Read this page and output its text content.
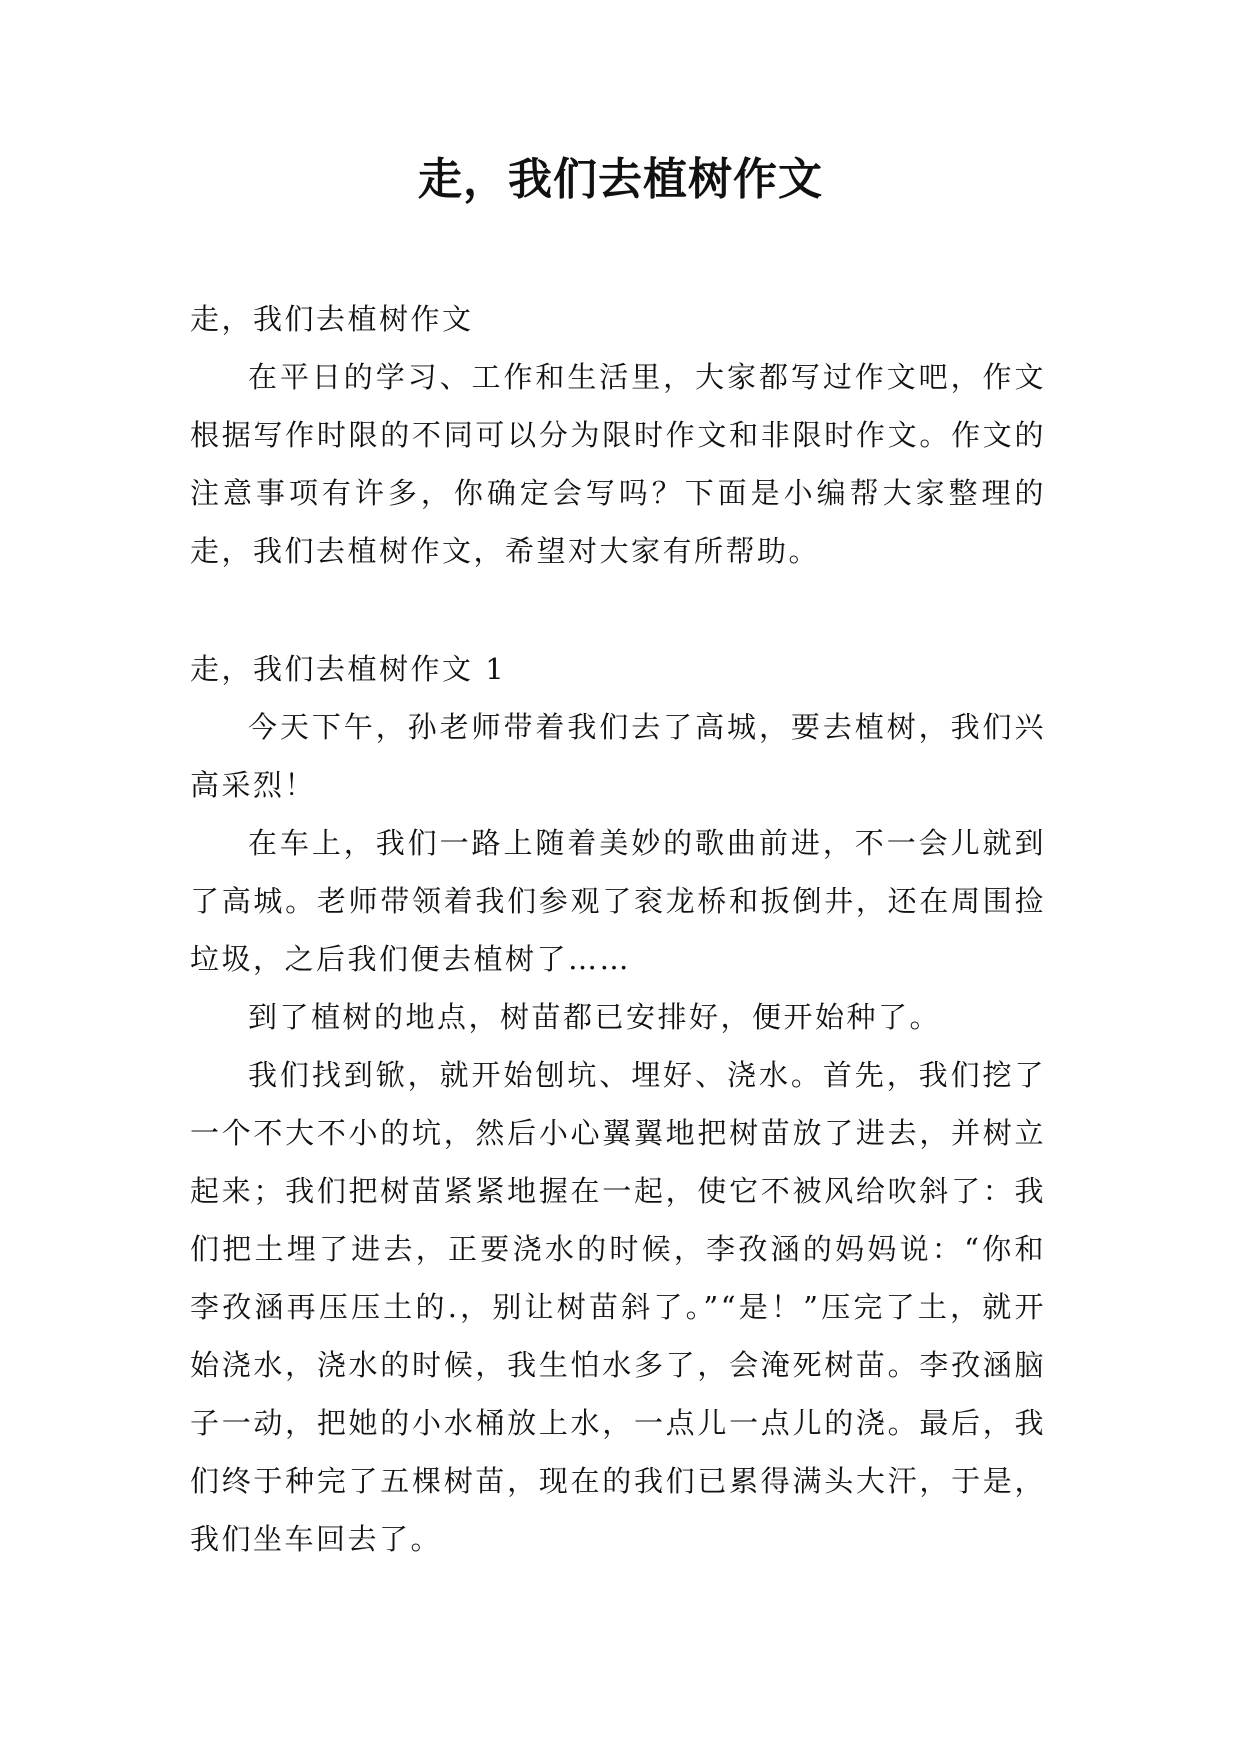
走，我们去植树作文

走，我们去植树作文

在平日的学习、工作和生活里，大家都写过作文吧，作文根据写作时限的不同可以分为限时作文和非限时作文。作文的注意事项有许多，你确定会写吗？下面是小编帮大家整理的走，我们去植树作文，希望对大家有所帮助。

走，我们去植树作文 1

今天下午，孙老师带着我们去了高城，要去植树，我们兴高采烈！

在车上，我们一路上随着美妙的歌曲前进，不一会儿就到了高城。老师带领着我们参观了衮龙桥和扳倒井，还在周围捡垃圾，之后我们便去植树了……

到了植树的地点，树苗都已安排好，便开始种了。

我们找到锨，就开始刨坑、埋好、浇水。首先，我们挖了一个不大不小的坑，然后小心翼翼地把树苗放了进去，并树立起来；我们把树苗紧紧地握在一起，使它不被风给吹斜了：我们把土埋了进去，正要浇水的时候，李孜涵的妈妈说：“你和李孜涵再压压土的.，别让树苗斜了。”“是！”压完了土，就开始浇水，浇水的时候，我生怕水多了，会淹死树苗。李孜涵脑子一动，把她的小水桶放上水，一点儿一点儿的浇。最后，我们终于种完了五棵树苗，现在的我们已累得满头大汗，于是，我们坐车回去了。
